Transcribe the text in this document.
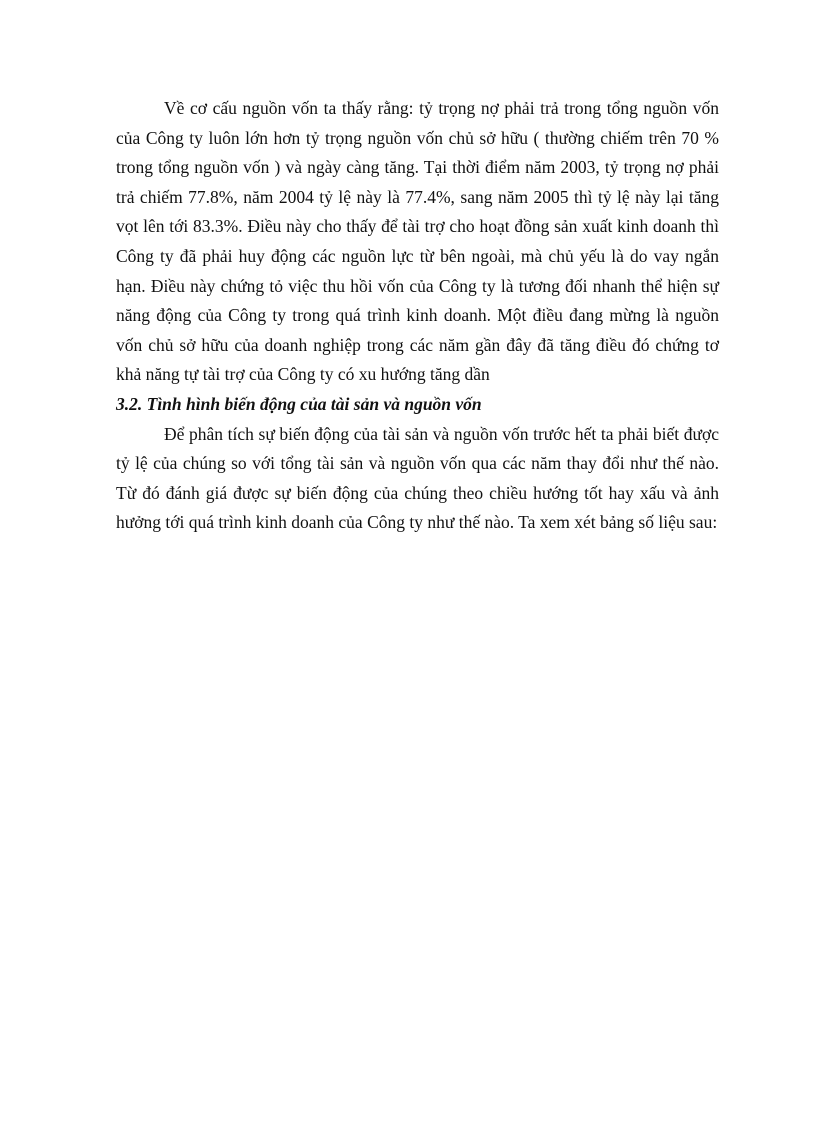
Về cơ cấu nguồn vốn ta thấy rằng: tỷ trọng nợ phải trả trong tổng nguồn vốn của Công ty luôn lớn hơn tỷ trọng nguồn vốn chủ sở hữu ( thường chiếm trên 70 % trong tổng nguồn vốn ) và ngày càng tăng. Tại thời điểm năm 2003, tỷ trọng nợ phải trả chiếm 77.8%, năm 2004 tỷ lệ này là 77.4%, sang năm 2005 thì tỷ lệ này lại tăng vọt lên tới 83.3%. Điều này cho thấy để tài trợ cho hoạt đồng sản xuất kinh doanh thì Công ty đã phải huy động các nguồn lực từ bên ngoài, mà chủ yếu là do vay ngắn hạn. Điều này chứng tỏ việc thu hồi vốn của Công ty là tương đối nhanh thể hiện sự năng động của Công ty trong quá trình kinh doanh. Một điều đang mừng là nguồn vốn chủ sở hữu của doanh nghiệp trong các năm gần đây đã tăng điều đó chứng tơ khả năng tự tài trợ của Công ty có xu hướng tăng dần

3.2. Tình hình biến động của tài sản và nguồn vốn

Để phân tích sự biến động của tài sản và nguồn vốn trước hết ta phải biết được tỷ lệ của chúng so với tổng tài sản và nguồn vốn qua các năm thay đổi như thế nào. Từ đó đánh giá được sự biến động của chúng theo chiều hướng tốt hay xấu và ảnh hưởng tới quá trình kinh doanh của Công ty như thế nào. Ta xem xét bảng số liệu sau:
